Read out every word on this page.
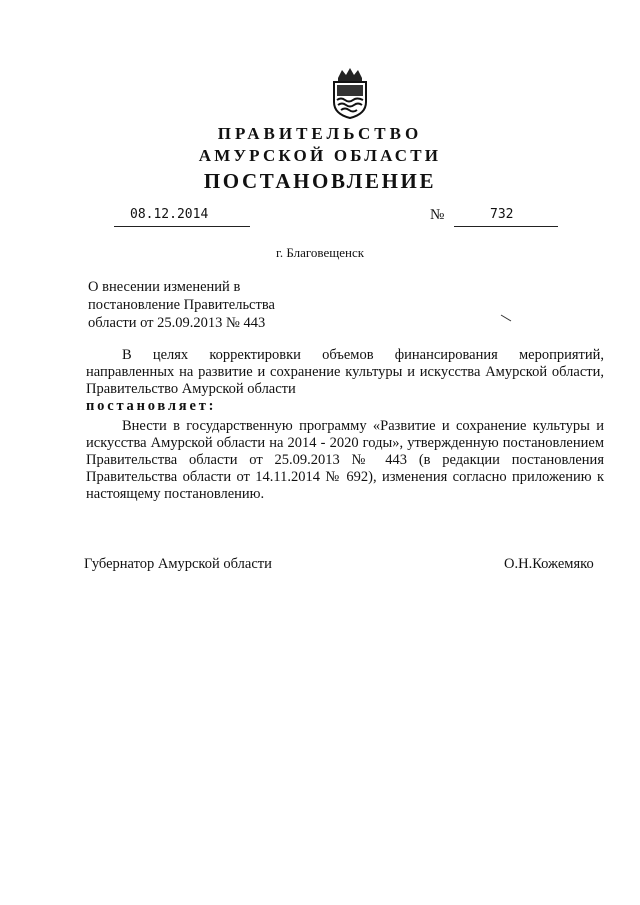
ПРАВИТЕЛЬСТВО
АМУРСКОЙ ОБЛАСТИ
ПОСТАНОВЛЕНИЕ
08.12.2014	№	732
г. Благовещенск
О внесении изменений в
постановление Правительства
области от 25.09.2013 № 443
В целях корректировки объемов финансирования мероприятий, направленных на развитие и сохранение культуры и искусства Амурской области, Правительство Амурской области
постановляет:
Внести в государственную программу «Развитие и сохранение культуры и искусства Амурской области на 2014 - 2020 годы», утвержденную постановлением Правительства области от 25.09.2013 № 443 (в редакции постановления Правительства области от 14.11.2014 № 692), изменения согласно приложению к настоящему постановлению.
Губернатор Амурской области	О.Н.Кожемяко
